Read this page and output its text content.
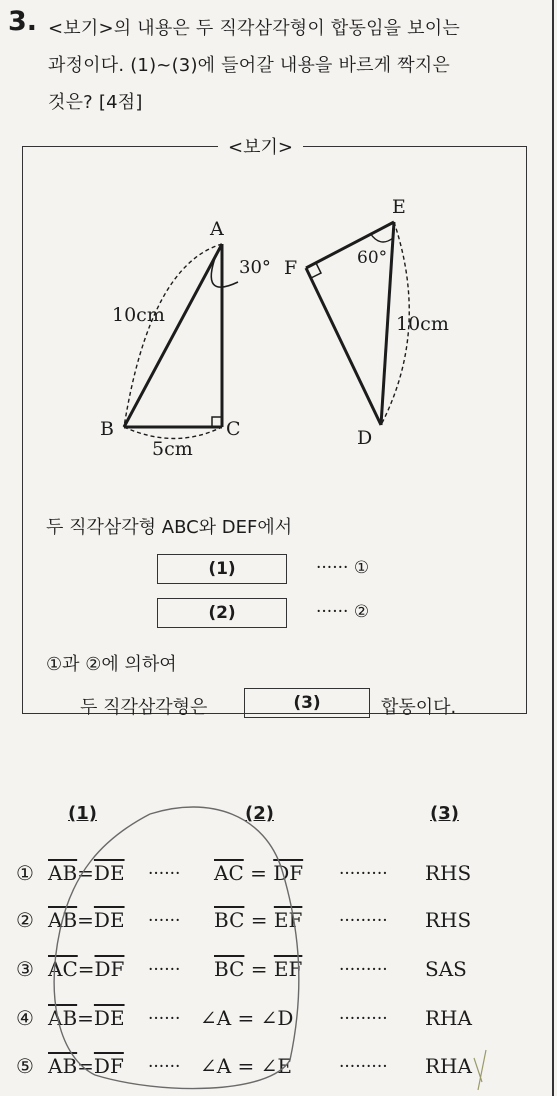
3. <보기>의 내용은 두 직각삼각형이 합동임을 보이는
과정이다. (1)~(3)에 들어갈 내용을 바르게 짝지은
것은? [4점]
<보기>
A
B	C	D
E
F
30°	60°
10cm
5cm
10cm
두 직각삼각형 ABC와 DEF에서
(1)	······ ①
(2)	······ ②
①과 ②에 의하여
두 직각삼각형은	(3)	합동이다.
(1)	(2)	(3)
① $\overline{AB}=\overline{DE}$ ······ $\overline{AC} = \overline{DF}$ ········· RHS
② $\overline{AB}=\overline{DE}$ ······ $\overline{BC} = \overline{EF}$ ········· RHS
③ $\overline{AC}=\overline{DF}$ ······ $\overline{BC} = \overline{EF}$ ········· SAS
④ $\overline{AB}=\overline{DE}$ ······ ∠A = ∠D	········· RHA
⑤ $\overline{AB}=\overline{DF}$ ······ ∠A = ∠E	········· RHA
